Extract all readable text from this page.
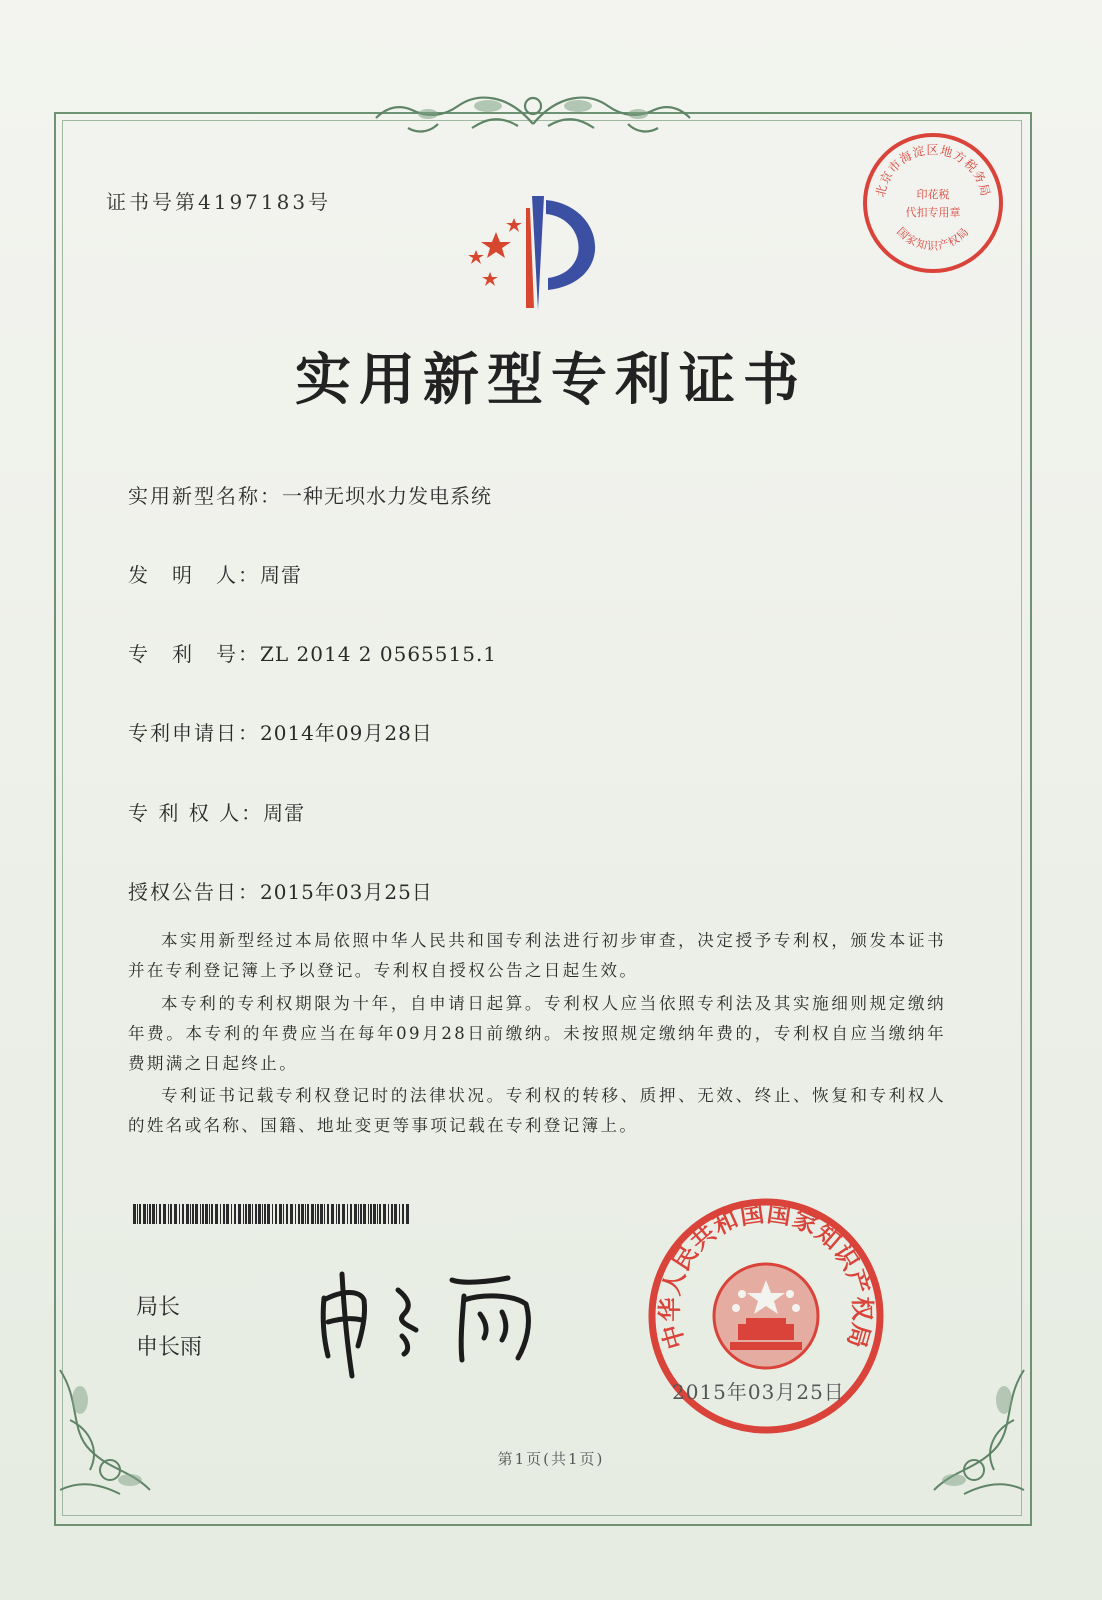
证书号第4197183号	北京市海淀区地方税务局
印花税
代扣专用章
国家知识产权局
实用新型专利证书
实用新型名称：一种无坝水力发电系统
发　明　人：周雷
专　利　号：ZL 2014 2 0565515.1
专利申请日：2014年09月28日
专 利 权 人：周雷
授权公告日：2015年03月25日
本实用新型经过本局依照中华人民共和国专利法进行初步审查，决定授予专利权，颁发本证书并在专利登记簿上予以登记。专利权自授权公告之日起生效。
本专利的专利权期限为十年，自申请日起算。专利权人应当依照专利法及其实施细则规定缴纳年费。本专利的年费应当在每年09月28日前缴纳。未按照规定缴纳年费的，专利权自应当缴纳年费期满之日起终止。
专利证书记载专利权登记时的法律状况。专利权的转移、质押、无效、终止、恢复和专利权人的姓名或名称、国籍、地址变更等事项记载在专利登记簿上。
局长
申长雨	中华人民共和国国家知识产权局
2015年03月25日
第1页(共1页)
